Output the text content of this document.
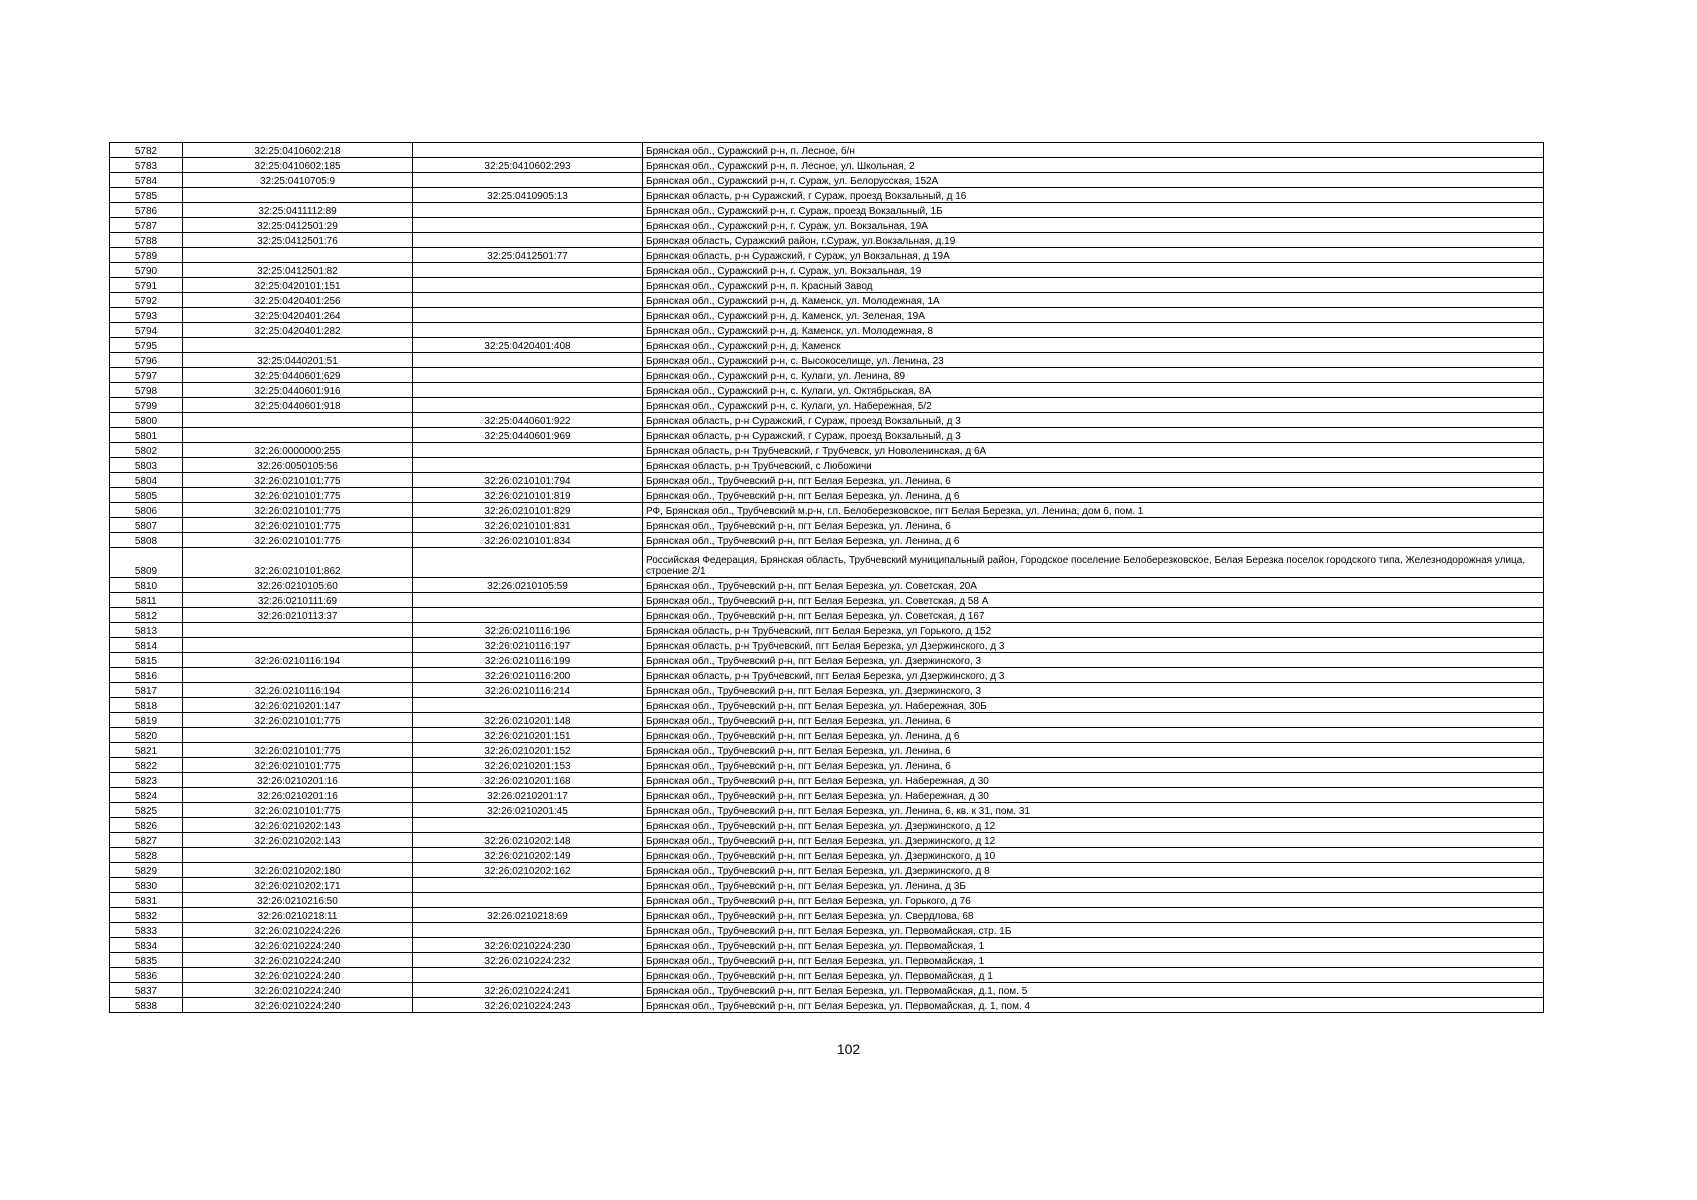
5782	32:25:0410602:218		Брянская обл., Суражский р-н, п. Лесное, б/н
5783	32:25:0410602:185	32:25:0410602:293	Брянская обл., Суражский р-н, п. Лесное, ул. Школьная, 2
5784	32:25:0410705:9		Брянская обл., Суражский р-н, г. Сураж, ул. Белорусская, 152А
5785		32:25:0410905:13	Брянская область, р-н Суражский, г Сураж, проезд Вокзальный, д 16
5786	32:25:0411112:89		Брянская обл., Суражский р-н, г. Сураж, проезд Вокзальный, 1Б
5787	32:25:0412501:29		Брянская обл., Суражский р-н, г. Сураж, ул. Вокзальная, 19А
5788	32:25:0412501:76		Брянская область, Суражский район, г.Сураж, ул.Вокзальная, д.19
5789		32:25:0412501:77	Брянская область, р-н Суражский, г Сураж, ул Вокзальная, д 19А
5790	32:25:0412501:82		Брянская обл., Суражский р-н, г. Сураж, ул. Вокзальная, 19
5791	32:25:0420101:151		Брянская обл., Суражский р-н, п. Красный Завод
5792	32:25:0420401:256		Брянская обл., Суражский р-н, д. Каменск, ул. Молодежная, 1А
5793	32:25:0420401:264		Брянская обл., Суражский р-н, д. Каменск, ул. Зеленая, 19А
5794	32:25:0420401:282		Брянская обл., Суражский р-н, д. Каменск, ул. Молодежная, 8
5795		32:25:0420401:408	Брянская обл., Суражский р-н, д. Каменск
5796	32:25:0440201:51		Брянская обл., Суражский р-н, с. Высокоселище, ул. Ленина, 23
5797	32:25:0440601:629		Брянская обл., Суражский р-н, с. Кулаги, ул. Ленина, 89
5798	32:25:0440601:916		Брянская обл., Суражский р-н, с. Кулаги, ул. Октябрьская, 8А
5799	32:25:0440601:918		Брянская обл., Суражский р-н, с. Кулаги, ул. Набережная, 5/2
5800		32:25:0440601:922	Брянская область, р-н Суражский, г Сураж, проезд Вокзальный, д 3
5801		32:25:0440601:969	Брянская область, р-н Суражский, г Сураж, проезд Вокзальный, д 3
5802	32:26:0000000:255		Брянская область, р-н Трубчевский, г Трубчевск, ул Новоленинская, д 6А
5803	32:26:0050105:56		Брянская область, р-н Трубчевский, с Любожичи
5804	32:26:0210101:775	32:26:0210101:794	Брянская обл., Трубчевский р-н, пгт Белая Березка, ул. Ленина, 6
5805	32:26:0210101:775	32:26:0210101:819	Брянская обл., Трубчевский р-н, пгт Белая Березка, ул. Ленина, д 6
5806	32:26:0210101:775	32:26:0210101:829	РФ, Брянская обл., Трубчевский м.р-н, г.п. Белоберезковское, пгт Белая Березка, ул. Ленина, дом 6, пом. 1
5807	32:26:0210101:775	32:26:0210101:831	Брянская обл., Трубчевский р-н, пгт Белая Березка, ул. Ленина, 6
5808	32:26:0210101:775	32:26:0210101:834	Брянская обл., Трубчевский р-н, пгт Белая Березка, ул. Ленина, д 6
5809	32:26:0210101:862		Российская Федерация, Брянская область, Трубчевский муниципальный район, Городское поселение Белоберезковское, Белая Березка поселок городского типа, Железнодорожная улица, строение 2/1
5810	32:26:0210105:60	32:26:0210105:59	Брянская обл., Трубчевский р-н, пгт Белая Березка, ул. Советская, 20А
5811	32:26:0210111:69		Брянская обл., Трубчевский р-н, пгт Белая Березка, ул. Советская, д 58 А
5812	32:26:0210113:37		Брянская обл., Трубчевский р-н, пгт Белая Березка, ул. Советская, д 167
5813		32:26:0210116:196	Брянская область, р-н Трубчевский, пгт Белая Березка, ул Горького, д 152
5814		32:26:0210116:197	Брянская область, р-н Трубчевский, пгт Белая Березка, ул Дзержинского, д 3
5815	32:26:0210116:194	32:26:0210116:199	Брянская обл., Трубчевский р-н, пгт Белая Березка, ул. Дзержинского, 3
5816		32:26:0210116:200	Брянская область, р-н Трубчевский, пгт Белая Березка, ул Дзержинского, д 3
5817	32:26:0210116:194	32:26:0210116:214	Брянская обл., Трубчевский р-н, пгт Белая Березка, ул. Дзержинского, 3
5818	32:26:0210201:147		Брянская обл., Трубчевский р-н, пгт Белая Березка, ул. Набережная, 30Б
5819	32:26:0210101:775	32:26:0210201:148	Брянская обл., Трубчевский р-н, пгт Белая Березка, ул. Ленина, 6
5820		32:26:0210201:151	Брянская обл., Трубчевский р-н, пгт Белая Березка, ул. Ленина, д 6
5821	32:26:0210101:775	32:26:0210201:152	Брянская обл., Трубчевский р-н, пгт Белая Березка, ул. Ленина, 6
5822	32:26:0210101:775	32:26:0210201:153	Брянская обл., Трубчевский р-н, пгт Белая Березка, ул. Ленина, 6
5823	32:26:0210201:16	32:26:0210201:168	Брянская обл., Трубчевский р-н, пгт Белая Березка, ул. Набережная, д 30
5824	32:26:0210201:16	32:26:0210201:17	Брянская обл., Трубчевский р-н, пгт Белая Березка, ул. Набережная, д 30
5825	32:26:0210101:775	32:26:0210201:45	Брянская обл., Трубчевский р-н, пгт Белая Березка, ул. Ленина, 6, кв. к 31, пом. 31
5826	32:26:0210202:143		Брянская обл., Трубчевский р-н, пгт Белая Березка, ул. Дзержинского, д 12
5827	32:26:0210202:143	32:26:0210202:148	Брянская обл., Трубчевский р-н, пгт Белая Березка, ул. Дзержинского, д 12
5828		32:26:0210202:149	Брянская обл., Трубчевский р-н, пгт Белая Березка, ул. Дзержинского, д 10
5829	32:26:0210202:180	32:26:0210202:162	Брянская обл., Трубчевский р-н, пгт Белая Березка, ул. Дзержинского, д 8
5830	32:26:0210202:171		Брянская обл., Трубчевский р-н, пгт Белая Березка, ул. Ленина, д 3Б
5831	32:26:0210216:50		Брянская обл., Трубчевский р-н, пгт Белая Березка, ул. Горького, д 76
5832	32:26:0210218:11	32:26:0210218:69	Брянская обл., Трубчевский р-н, пгт Белая Березка, ул. Свердлова, 68
5833	32:26:0210224:226		Брянская обл., Трубчевский р-н, пгт Белая Березка, ул. Первомайская, стр. 1Б
5834	32:26:0210224:240	32:26:0210224:230	Брянская обл., Трубчевский р-н, пгт Белая Березка, ул. Первомайская, 1
5835	32:26:0210224:240	32:26:0210224:232	Брянская обл., Трубчевский р-н, пгт Белая Березка, ул. Первомайская, 1
5836	32:26:0210224:240		Брянская обл., Трубчевский р-н, пгт Белая Березка, ул. Первомайская, д 1
5837	32:26:0210224:240	32:26:0210224:241	Брянская обл., Трубчевский р-н, пгт Белая Березка, ул. Первомайская, д.1, пом. 5
5838	32:26:0210224:240	32:26:0210224:243	Брянская обл., Трубчевский р-н, пгт Белая Березка, ул. Первомайская, д. 1, пом. 4
102
